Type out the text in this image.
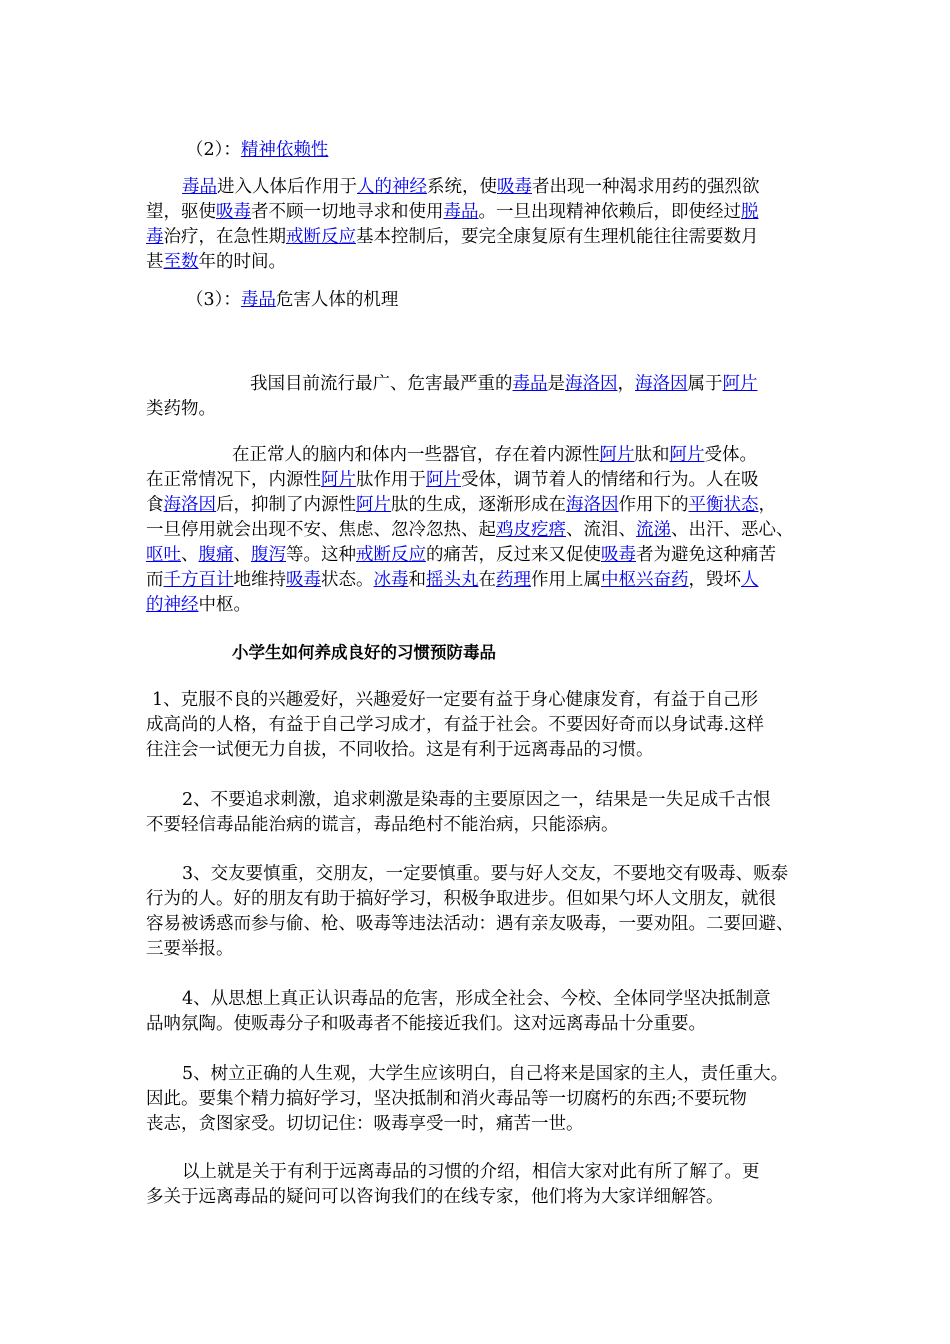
（2）：精神依赖性
毒品进入人体后作用于人的神经系统，使吸毒者出现一种渴求用药的强烈欲
望，驱使吸毒者不顾一切地寻求和使用毒品。一旦出现精神依赖后，即使经过脱
毒治疗，在急性期戒断反应基本控制后，要完全康复原有生理机能往往需要数月
甚至数年的时间。
（3）：毒品危害人体的机理
我国目前流行最广、危害最严重的毒品是海洛因，海洛因属于阿片
类药物。
在正常人的脑内和体内一些器官，存在着内源性阿片肽和阿片受体。
在正常情况下，内源性阿片肽作用于阿片受体，调节着人的情绪和行为。人在吸
食海洛因后，抑制了内源性阿片肽的生成，逐渐形成在海洛因作用下的平衡状态，
一旦停用就会出现不安、焦虑、忽冷忽热、起鸡皮疙瘩、流泪、流涕、出汗、恶心、
呕吐、腹痛、腹泻等。这种戒断反应的痛苦，反过来又促使吸毒者为避免这种痛苦
而千方百计地维持吸毒状态。冰毒和摇头丸在药理作用上属中枢兴奋药，毁坏人
的神经中枢。
小学生如何养成良好的习惯预防毒品
1、克服不良的兴趣爱好，兴趣爱好一定要有益于身心健康发育，有益于自己形
成高尚的人格，有益于自己学习成才，有益于社会。不要因好奇而以身试毒.这样
往注会一试便无力自拔，不同收拾。这是有利于远离毒品的习惯。
2、不要追求刺激，追求刺激是染毒的主要原因之一，结果是一失足成千古恨
不要轻信毒品能治病的谎言，毒品绝村不能治病，只能添病。
3、交友要慎重，交朋友，一定要慎重。要与好人交友，不要地交有吸毒、贩泰
行为的人。好的朋友有助于搞好学习，积极争取进步。但如果勺坏人文朋友，就很
容易被诱惑而参与偷、枪、吸毒等违法活动：遇有亲友吸毒，一要劝阻。二要回避、
三要举报。
4、从思想上真正认识毒品的危害，形成全社会、今校、全体同学坚决抵制意
品呐氛陶。使贩毒分子和吸毒者不能接近我们。这对远离毒品十分重要。
5、树立正确的人生观，大学生应该明白，自己将来是国家的主人，责任重大。
因此。要集个精力搞好学习，坚决抵制和消火毒品等一切腐朽的东西;不要玩物
丧志，贪图家受。切切记住：吸毒享受一时，痛苦一世。
以上就是关于有利于远离毒品的习惯的介绍，相信大家对此有所了解了。更
多关于远离毒品的疑问可以咨询我们的在线专家，他们将为大家详细解答。
